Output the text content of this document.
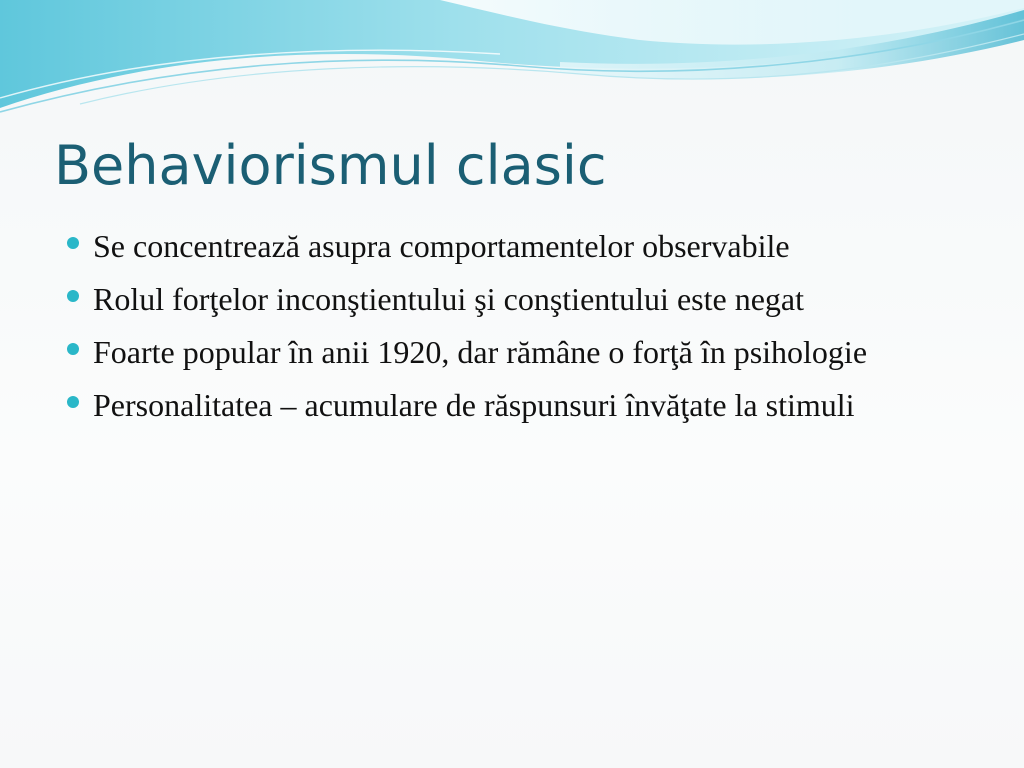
Behaviorismul clasic
Se concentrează asupra comportamentelor observabile
Rolul forţelor inconştientului şi conştientului este negat
Foarte popular în anii 1920, dar rămâne o forţă în psihologie
Personalitatea – acumulare de răspunsuri învăţate la stimuli
